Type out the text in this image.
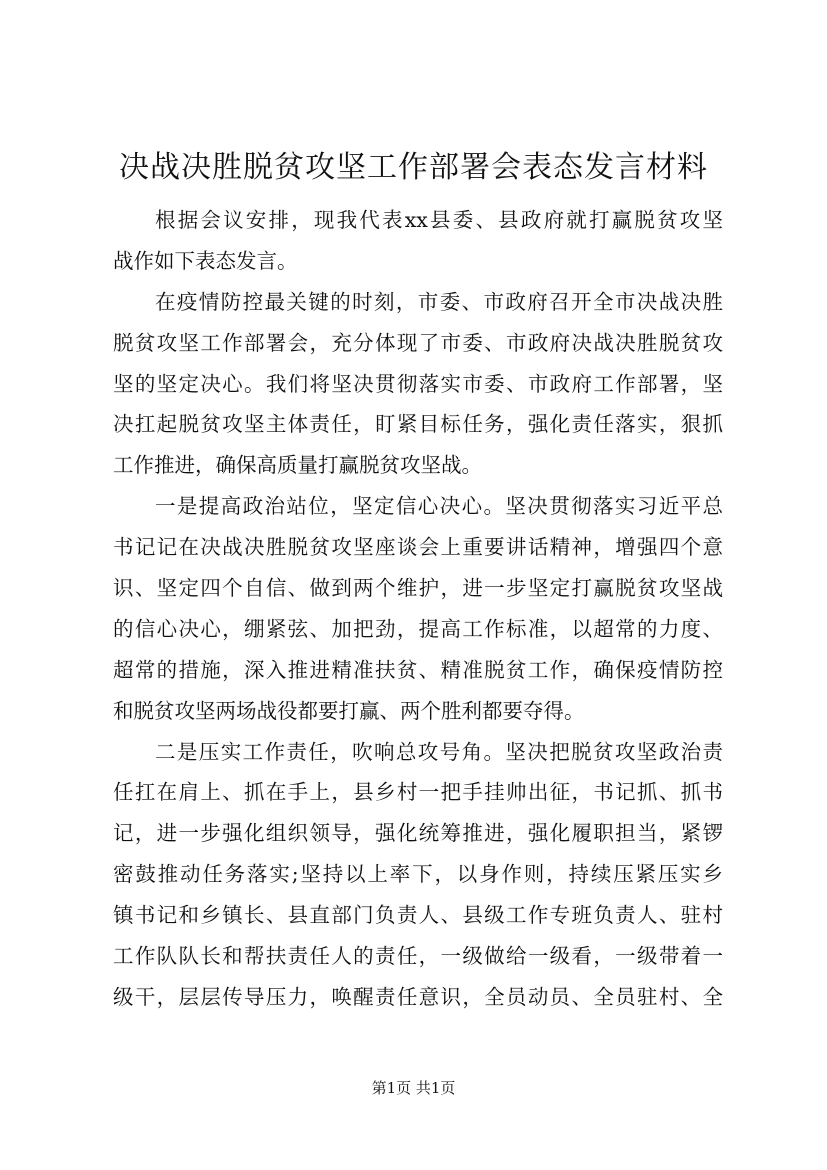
决战决胜脱贫攻坚工作部署会表态发言材料
根据会议安排，现我代表xx县委、县政府就打赢脱贫攻坚
战作如下表态发言。
在疫情防控最关键的时刻，市委、市政府召开全市决战决胜
脱贫攻坚工作部署会，充分体现了市委、市政府决战决胜脱贫攻
坚的坚定决心。我们将坚决贯彻落实市委、市政府工作部署，坚
决扛起脱贫攻坚主体责任，盯紧目标任务，强化责任落实，狠抓
工作推进，确保高质量打赢脱贫攻坚战。
一是提高政治站位，坚定信心决心。坚决贯彻落实习近平总
书记记在决战决胜脱贫攻坚座谈会上重要讲话精神，增强四个意
识、坚定四个自信、做到两个维护，进一步坚定打赢脱贫攻坚战
的信心决心，绷紧弦、加把劲，提高工作标准，以超常的力度、
超常的措施，深入推进精准扶贫、精准脱贫工作，确保疫情防控
和脱贫攻坚两场战役都要打赢、两个胜利都要夺得。
二是压实工作责任，吹响总攻号角。坚决把脱贫攻坚政治责
任扛在肩上、抓在手上，县乡村一把手挂帅出征，书记抓、抓书
记，进一步强化组织领导，强化统筹推进，强化履职担当，紧锣
密鼓推动任务落实;坚持以上率下，以身作则，持续压紧压实乡
镇书记和乡镇长、县直部门负责人、县级工作专班负责人、驻村
工作队队长和帮扶责任人的责任，一级做给一级看，一级带着一
级干，层层传导压力，唤醒责任意识，全员动员、全员驻村、全
第1页 共1页
